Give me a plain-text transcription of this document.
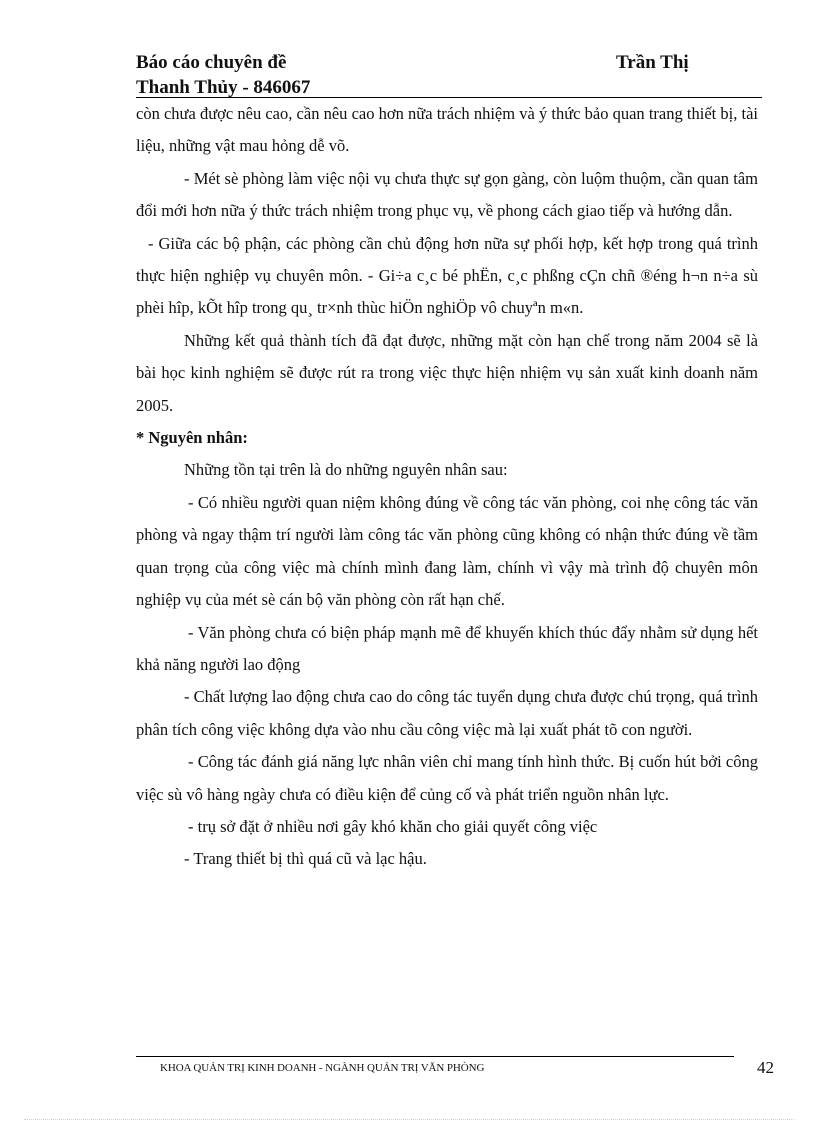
Báo cáo chuyên đề	Trần Thị
Thanh Thủy - 846067

còn chưa được nêu cao, cần nêu cao hơn nữa trách nhiệm và ý thức bảo quan trang thiết bị, tài liệu, những vật mau hỏng dễ võ.

- Mét sè phòng làm việc nội vụ chưa thực sự gọn gàng, còn luộm thuộm, cần quan tâm đổi mới hơn nữa ý thức trách nhiệm trong phục vụ, về phong cách giao tiếp và hướng dẫn.

- Giữa các bộ phận, các phòng cần chủ động hơn nữa sự phối hợp, kết hợp trong quá trình thực hiện nghiệp vụ chuyên môn. - Gi÷a c¸c bé phËn, c¸c phßng cÇn chñ ®éng h¬n n÷a sù phèi hîp, kÕt hîp trong qu¸ tr×nh thùc hiÖn nghiÖp vô chuyªn m«n.

Những kết quả thành tích đã đạt được, những mặt còn hạn chế trong năm 2004 sẽ là bài học kinh nghiệm sẽ được rút ra trong việc thực hiện nhiệm vụ sản xuất kinh doanh năm 2005.

* Nguyên nhân:

Những tồn tại trên là do những nguyên nhân sau:

- Có nhiều người quan niệm không đúng về công tác văn phòng, coi nhẹ công tác văn phòng và ngay thậm trí người làm công tác văn phòng cũng không có nhận thức đúng về tầm quan trọng của công việc mà chính mình đang làm, chính vì vậy mà trình độ chuyên môn nghiệp vụ của mét sè cán bộ văn phòng còn rất hạn chế.

- Văn phòng chưa có biện pháp mạnh mẽ để khuyến khích thúc đẩy nhằm sử dụng hết khả năng người lao động

- Chất lượng lao động chưa cao do công tác tuyển dụng chưa được chú trọng, quá trình phân tích công việc không dựa vào nhu cầu công việc mà lại xuất phát tõ con người.

- Công tác đánh giá năng lực nhân viên chỉ mang tính hình thức. Bị cuốn hút bởi công việc sù vô hàng ngày chưa có điều kiện để củng cố và phát triển nguồn nhân lực.

- trụ sở đặt ở nhiều nơi gây khó khăn cho giải quyết công việc

- Trang thiết bị thì quá cũ và lạc hậu.

KHOA QUẢN TRỊ KINH DOANH - NGÀNH QUẢN TRỊ VĂN PHÒNG	42
